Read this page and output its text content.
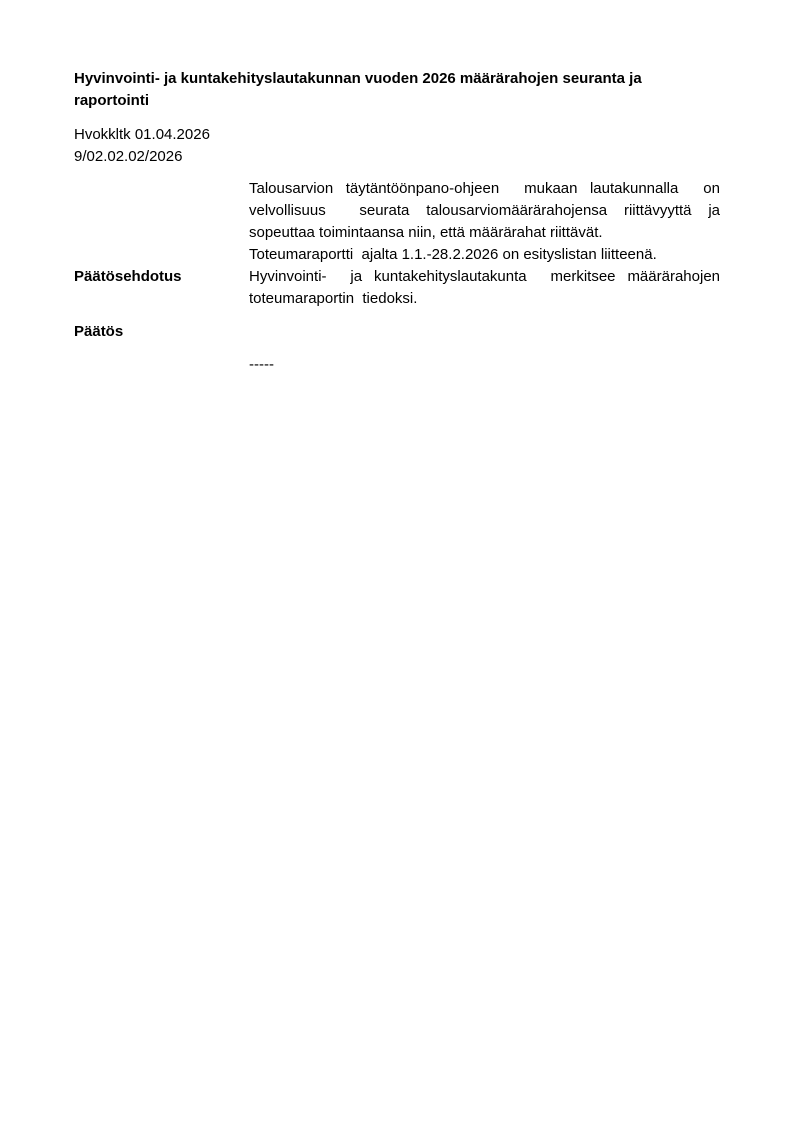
Hyvinvointi- ja kuntakehityslautakunnan vuoden 2026 määrärahojen seuranta ja raportointi

Hvokkltk 01.04.2026

9/02.02.02/2026

Talousarvion täytäntöönpano-ohjeen  mukaan lautakunnalla  on velvollisuus  seurata talousarviomäärärahojensa riittävyyttä ja sopeuttaa toimintaansa niin, että määrärahat riittävät.

Toteumaraportti  ajalta 1.1.-28.2.2026 on esityslistan liitteenä.

Päätösehdotus	Hyvinvointi-  ja kuntakehityslautakunta  merkitsee määrärahojen toteumaraportin  tiedoksi.

Päätös

-----
